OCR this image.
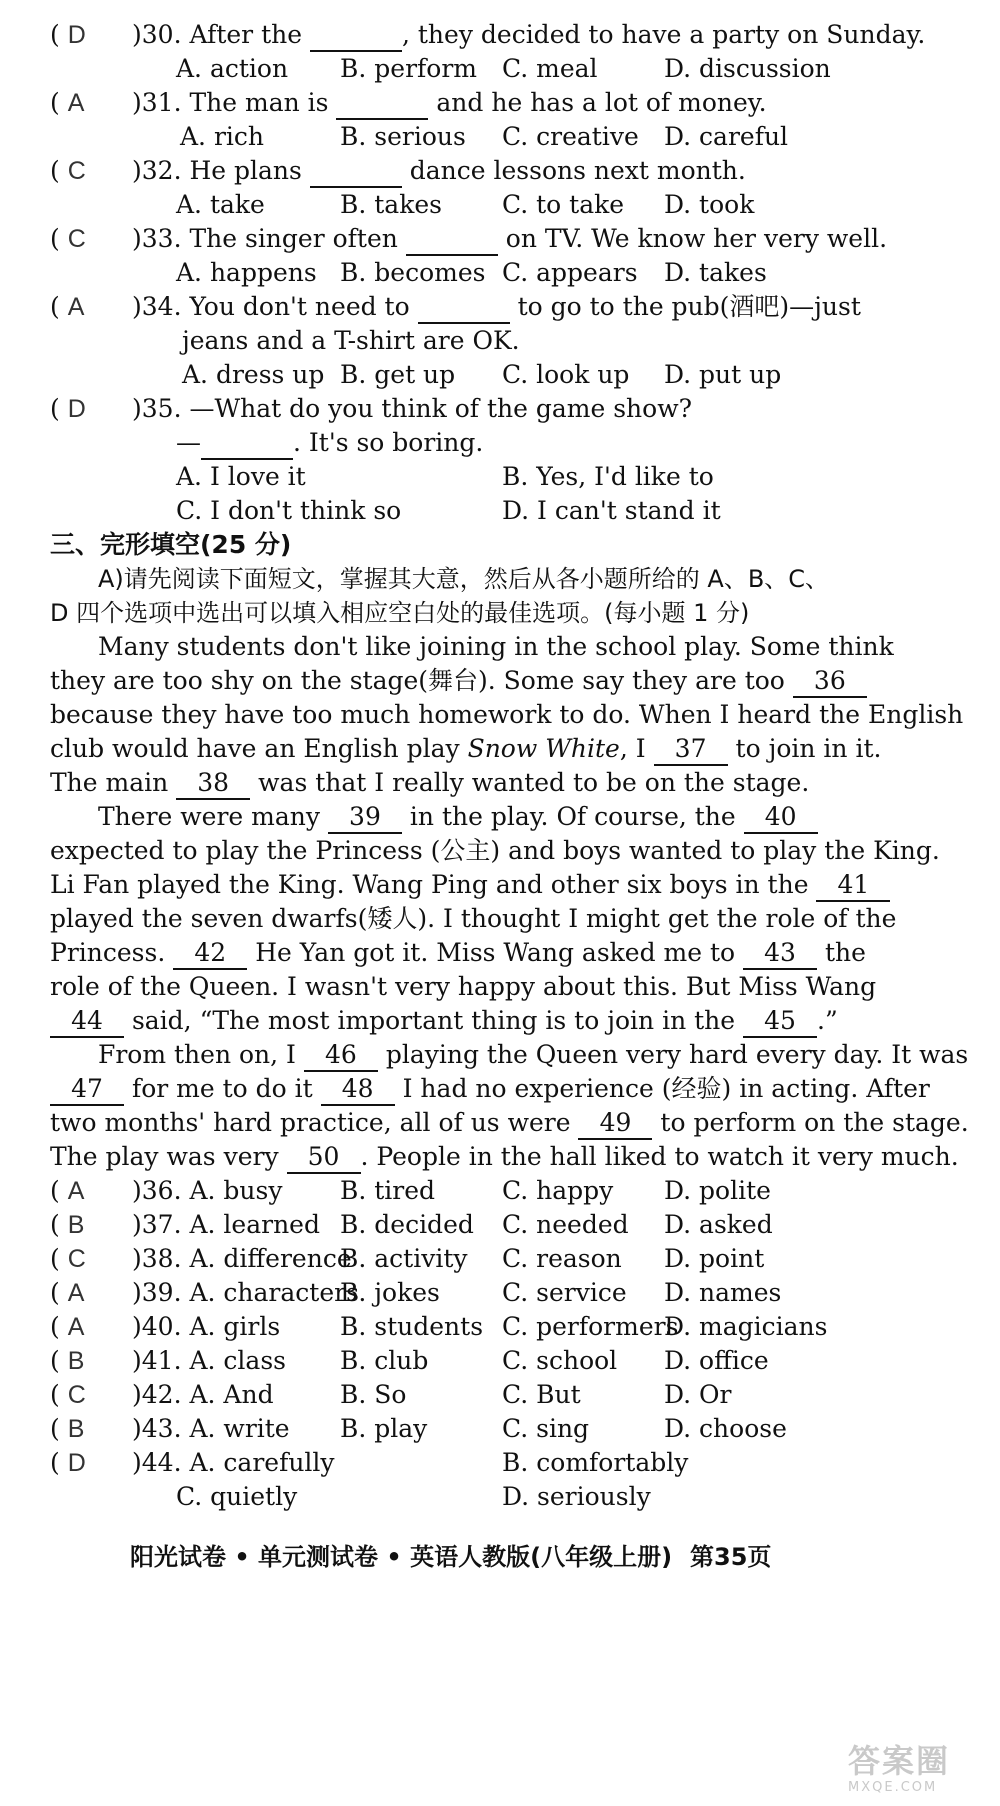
( D )30. After the	, they decided to have a party on Sunday.
A. action B. perform C. meal	D. discussion
( A )31. The man is	and he has a lot of money.
A. rich	B. serious C. creative D. careful
( C )32. He plans	dance lessons next month.
A. take	B. takes C. to take D. took
( C )33. The singer often	on TV. We know her very well.
A. happens B. becomes C. appears D. takes
( A )34. You don't need to	to go to the pub(酒吧)—just
jeans and a T-shirt are OK.
A. dress up B. get up C. look up D. put up
( D )35. —What do you think of the game show?
—	. It's so boring.
A. I love it	B. Yes, I'd like to
C. I don't think so	D. I can't stand it
三、完形填空(25 分)
A)请先阅读下面短文，掌握其大意，然后从各小题所给的 A、B、C、
D 四个选项中选出可以填入相应空白处的最佳选项。(每小题 1 分)
Many students don't like joining in the school play. Some think
they are too shy on the stage(舞台). Some say they are too 36
because they have too much homework to do. When I heard the English
club would have an English play Snow White, I 37 to join in it.
The main 38 was that I really wanted to be on the stage.
There were many 39 in the play. Of course, the 40
expected to play the Princess (公主) and boys wanted to play the King.
Li Fan played the King. Wang Ping and other six boys in the 41
played the seven dwarfs(矮人). I thought I might get the role of the
Princess. 42 He Yan got it. Miss Wang asked me to 43 the
role of the Queen. I wasn't very happy about this. But Miss Wang
44 said, “The most important thing is to join in the 45 .”
From then on, I 46 playing the Queen very hard every day. It was
47 for me to do it 48 I had no experience (经验) in acting. After
two months' hard practice, all of us were 49 to perform on the stage.
The play was very 50 . People in the hall liked to watch it very much.
( A )36. A. busy B. tired	C. happy D. polite
( B )37. A. learned B. decided C. needed D. asked
( C )38. A. difference
B. activity C. reason D. point
( A )39. A. characters
B. jokes C. service D. names
( A )40. A. girls B. students C. performers
D. magicians
( B )41. A. class B. club	C. school D. office
( C )42. A. And	B. So	C. But	D. Or
( B )43. A. write B. play	C. sing	D. choose
( D )44. A. carefully	B. comfortably
C. quietly	D. seriously
阳光试卷 • 单元测试卷 • 英语人教版(八年级上册) 第35页
答案圈
MXQE.COM
